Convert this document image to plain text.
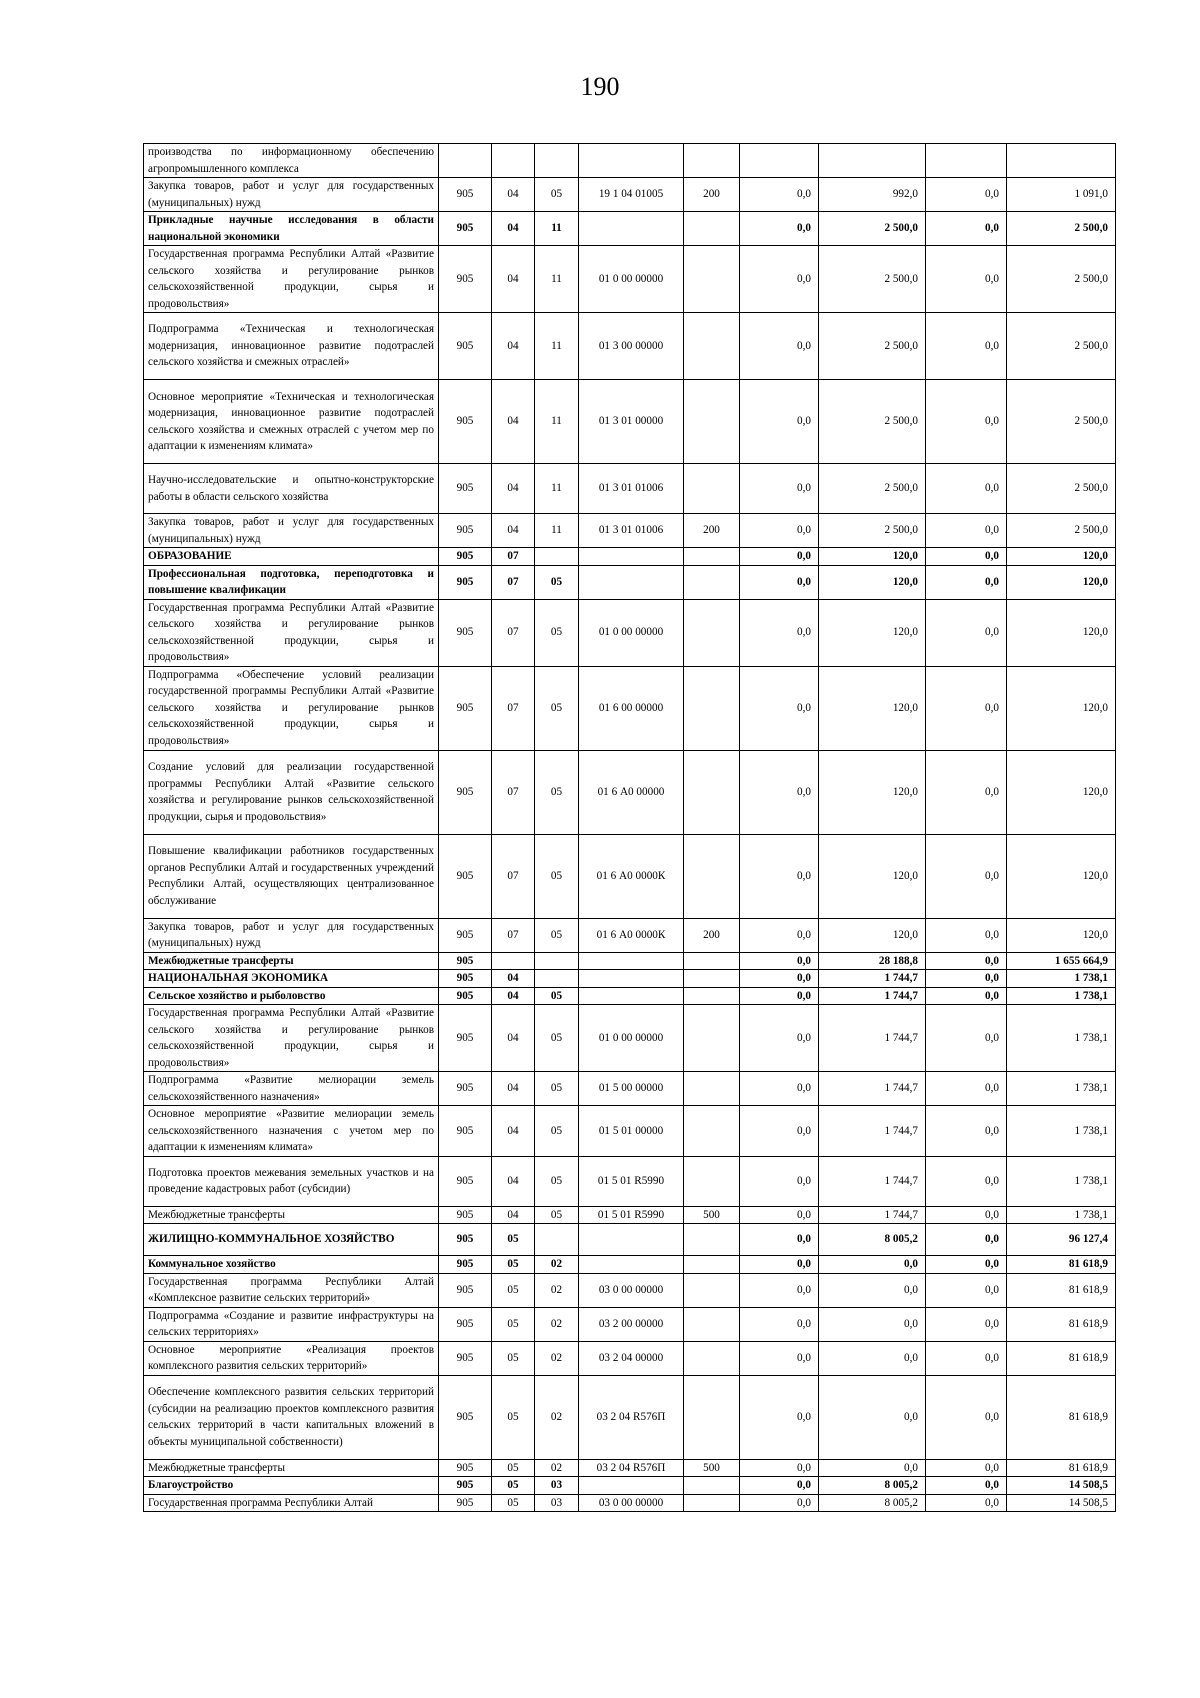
190
производства по информационному обеспечению агропромышленного комплекса									
Закупка товаров, работ и услуг для государственных (муниципальных) нужд	905	04	05	19 1 04 01005	200	0,0	992,0	0,0	1 091,0
Прикладные научные исследования в области национальной экономики	905	04	11			0,0	2 500,0	0,0	2 500,0
Государственная программа Республики Алтай «Развитие сельского хозяйства и регулирование рынков сельскохозяйственной продукции, сырья и продовольствия»	905	04	11	01 0 00 00000		0,0	2 500,0	0,0	2 500,0
Подпрограмма «Техническая и технологическая модернизация, инновационное развитие подотраслей сельского хозяйства и смежных отраслей»	905	04	11	01 3 00 00000		0,0	2 500,0	0,0	2 500,0
Основное мероприятие «Техническая и технологическая модернизация, инновационное развитие подотраслей сельского хозяйства и смежных отраслей с учетом мер по адаптации к изменениям климата»	905	04	11	01 3 01 00000		0,0	2 500,0	0,0	2 500,0
Научно-исследовательские и опытно-конструкторские работы в области сельского хозяйства	905	04	11	01 3 01 01006		0,0	2 500,0	0,0	2 500,0
Закупка товаров, работ и услуг для государственных (муниципальных) нужд	905	04	11	01 3 01 01006	200	0,0	2 500,0	0,0	2 500,0
ОБРАЗОВАНИЕ	905	07				0,0	120,0	0,0	120,0
Профессиональная подготовка, переподготовка и повышение квалификации	905	07	05			0,0	120,0	0,0	120,0
Государственная программа Республики Алтай «Развитие сельского хозяйства и регулирование рынков сельскохозяйственной продукции, сырья и продовольствия»	905	07	05	01 0 00 00000		0,0	120,0	0,0	120,0
Подпрограмма «Обеспечение условий реализации государственной программы Республики Алтай «Развитие сельского хозяйства и регулирование рынков сельскохозяйственной продукции, сырья и продовольствия»	905	07	05	01 6 00 00000		0,0	120,0	0,0	120,0
Создание условий для реализации государственной программы Республики Алтай «Развитие сельского хозяйства и регулирование рынков сельскохозяйственной продукции, сырья и продовольствия»	905	07	05	01 6 А0 00000		0,0	120,0	0,0	120,0
Повышение квалификации работников государственных органов Республики Алтай и государственных учреждений Республики Алтай, осуществляющих централизованное обслуживание	905	07	05	01 6 А0 0000К		0,0	120,0	0,0	120,0
Закупка товаров, работ и услуг для государственных (муниципальных) нужд	905	07	05	01 6 А0 0000К	200	0,0	120,0	0,0	120,0
Межбюджетные трансферты	905					0,0	28 188,8	0,0	1 655 664,9
НАЦИОНАЛЬНАЯ ЭКОНОМИКА	905	04				0,0	1 744,7	0,0	1 738,1
Сельское хозяйство и рыболовство	905	04	05			0,0	1 744,7	0,0	1 738,1
Государственная программа Республики Алтай «Развитие сельского хозяйства и регулирование рынков сельскохозяйственной продукции, сырья и продовольствия»	905	04	05	01 0 00 00000		0,0	1 744,7	0,0	1 738,1
Подпрограмма «Развитие мелиорации земель сельскохозяйственного назначения»	905	04	05	01 5 00 00000		0,0	1 744,7	0,0	1 738,1
Основное мероприятие «Развитие мелиорации земель сельскохозяйственного назначения с учетом мер по адаптации к изменениям климата»	905	04	05	01 5 01 00000		0,0	1 744,7	0,0	1 738,1
Подготовка проектов межевания земельных участков и на проведение кадастровых работ (субсидии)	905	04	05	01 5 01 R5990		0,0	1 744,7	0,0	1 738,1
Межбюджетные трансферты	905	04	05	01 5 01 R5990	500	0,0	1 744,7	0,0	1 738,1
ЖИЛИЩНО-КОММУНАЛЬНОЕ ХОЗЯЙСТВО	905	05				0,0	8 005,2	0,0	96 127,4
Коммунальное хозяйство	905	05	02			0,0	0,0	0,0	81 618,9
Государственная программа Республики Алтай «Комплексное развитие сельских территорий»	905	05	02	03 0 00 00000		0,0	0,0	0,0	81 618,9
Подпрограмма «Создание и развитие инфраструктуры на сельских территориях»	905	05	02	03 2 00 00000		0,0	0,0	0,0	81 618,9
Основное мероприятие «Реализация проектов комплексного развития сельских территорий»	905	05	02	03 2 04 00000		0,0	0,0	0,0	81 618,9
Обеспечение комплексного развития сельских территорий (субсидии на реализацию проектов комплексного развития сельских территорий в части капитальных вложений в объекты муниципальной собственности)	905	05	02	03 2 04 R576П		0,0	0,0	0,0	81 618,9
Межбюджетные трансферты	905	05	02	03 2 04 R576П	500	0,0	0,0	0,0	81 618,9
Благоустройство	905	05	03			0,0	8 005,2	0,0	14 508,5
Государственная программа Республики Алтай	905	05	03	03 0 00 00000		0,0	8 005,2	0,0	14 508,5
